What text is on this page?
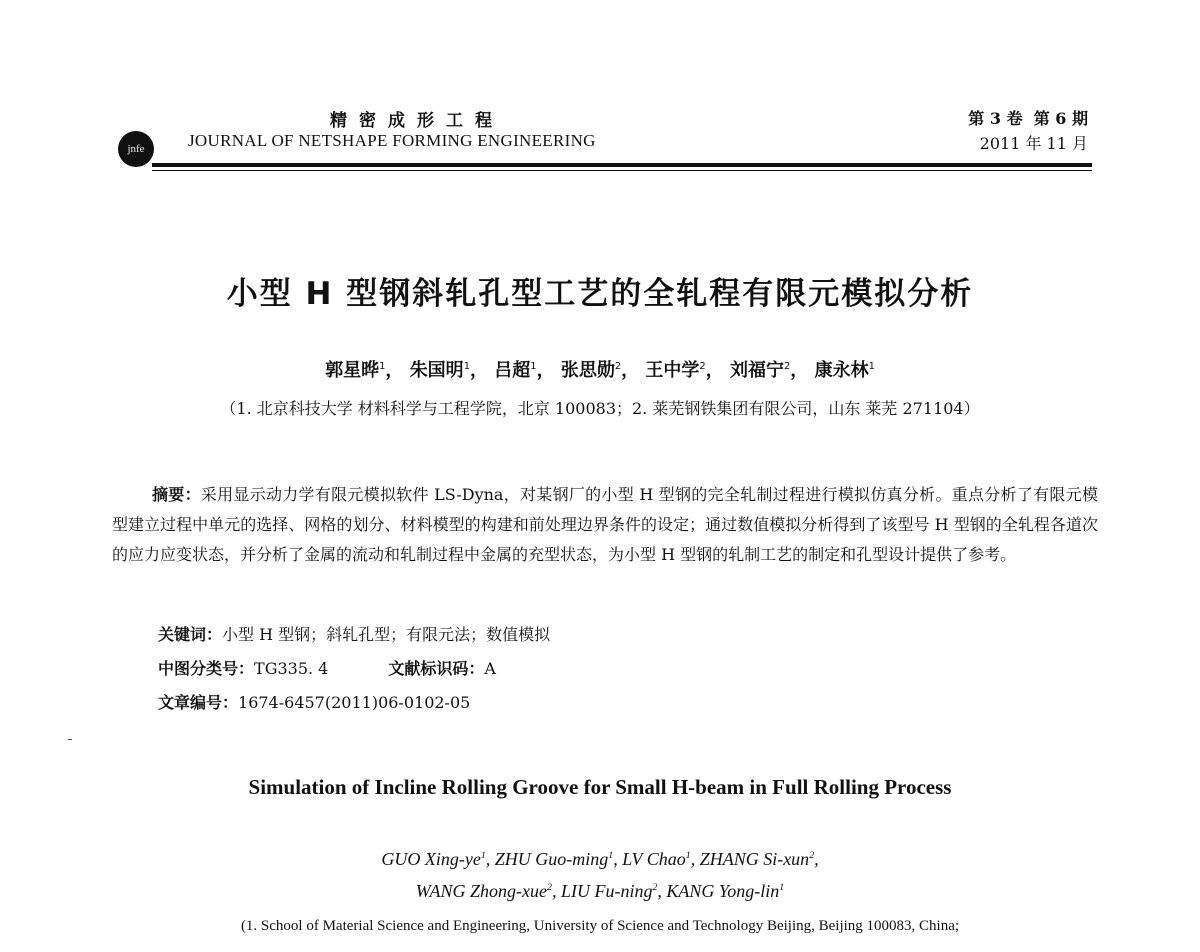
精密成形工程
JOURNAL OF NETSHAPE FORMING ENGINEERING
第 3 卷  第 6 期
2011 年 11 月
jnfe
小型 H 型钢斜轧孔型工艺的全轧程有限元模拟分析
郭星晔$^1$， 朱国明$^1$， 吕超$^1$， 张思勋$^2$， 王中学$^2$， 刘福宁$^2$， 康永林$^1$
（1. 北京科技大学 材料科学与工程学院，北京 100083；2. 莱芜钢铁集团有限公司，山东 莱芜 271104）

摘要：采用显示动力学有限元模拟软件 LS-Dyna，对某钢厂的小型 H 型钢的完全轧制过程进行模拟仿真分析。重点分析了有限元模型建立过程中单元的选择、网格的划分、材料模型的构建和前处理边界条件的设定；通过数值模拟分析得到了该型号 H 型钢的全轧程各道次的应力应变状态，并分析了金属的流动和轧制过程中金属的充型状态，为小型 H 型钢的轧制工艺的制定和孔型设计提供了参考。

关键词：小型 H 型钢；斜轧孔型；有限元法；数值模拟
中图分类号：TG335. 4	文献标识码：A
文章编号：1674-6457(2011)06-0102-05
Simulation of Incline Rolling Groove for Small H-beam in Full Rolling Process
GUO Xing-$ye^1$, ZHU Guo-ming$^1$, LV Chao$^1$, ZHANG Si-xun$^2$,
WANG Zhong-xue$^2$, LIU Fu-ning$^2$, KANG Yong-lin$^1$
(1. School of Material Science and Engineering, University of Science and Technology Beijing, Beijing 100083, China;
